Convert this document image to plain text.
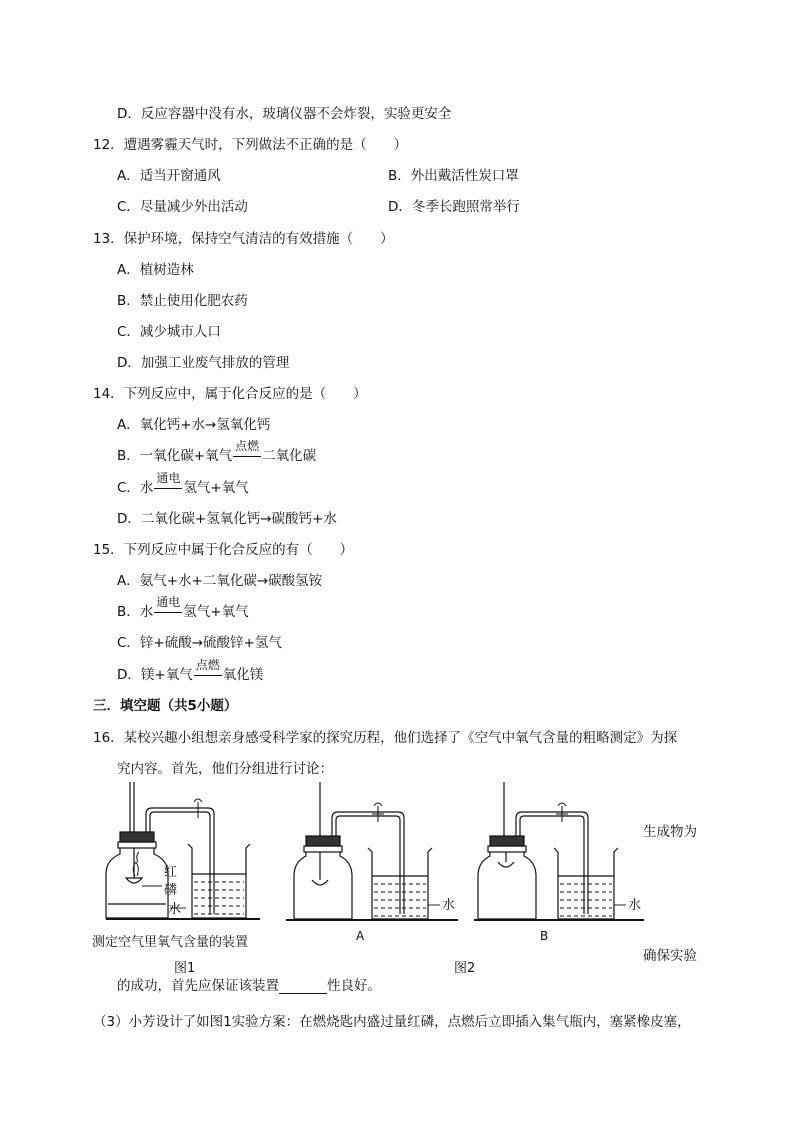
D．反应容器中没有水，玻璃仪器不会炸裂，实验更安全
12．遭遇雾霾天气时，下列做法不正确的是（　　）
A．适当开窗通风	B．外出戴活性炭口罩
C．尽量减少外出活动	D．冬季长跑照常举行
13．保护环境，保持空气清洁的有效措施（　　）
A．植树造林
B．禁止使用化肥农药
C．减少城市人口
D．加强工业废气排放的管理
14．下列反应中，属于化合反应的是（　　）
A．氧化钙+水→氢氧化钙
B．一氧化碳+氧气
点燃
二氧化碳
C．水
通电
氢气+氧气
D．二氧化碳+氢氧化钙→碳酸钙+水
15．下列反应中属于化合反应的有（　　）
A．氨气+水+二氧化碳→碳酸氢铵
B．水
通电
氢气+氧气
C．锌+硫酸→硫酸锌+氢气
D．镁+氧气
点燃
氧化镁
三．填空题（共5小题）
16．某校兴趣小组想亲身感受科学家的探究历程，他们选择了《空气中氧气含量的粗略测定》为探
究内容。首先，他们分组进行讨论：
生成物为
确保实验
的成功，首先应保证该装置	性良好。
（3）小芳设计了如图1实验方案：在燃烧匙内盛过量红磷，点燃后立即插入集气瓶内，塞紧橡皮塞，
红
磷
水
测定空气里氧气含量的装置
图1
水
A
水
B
图2
